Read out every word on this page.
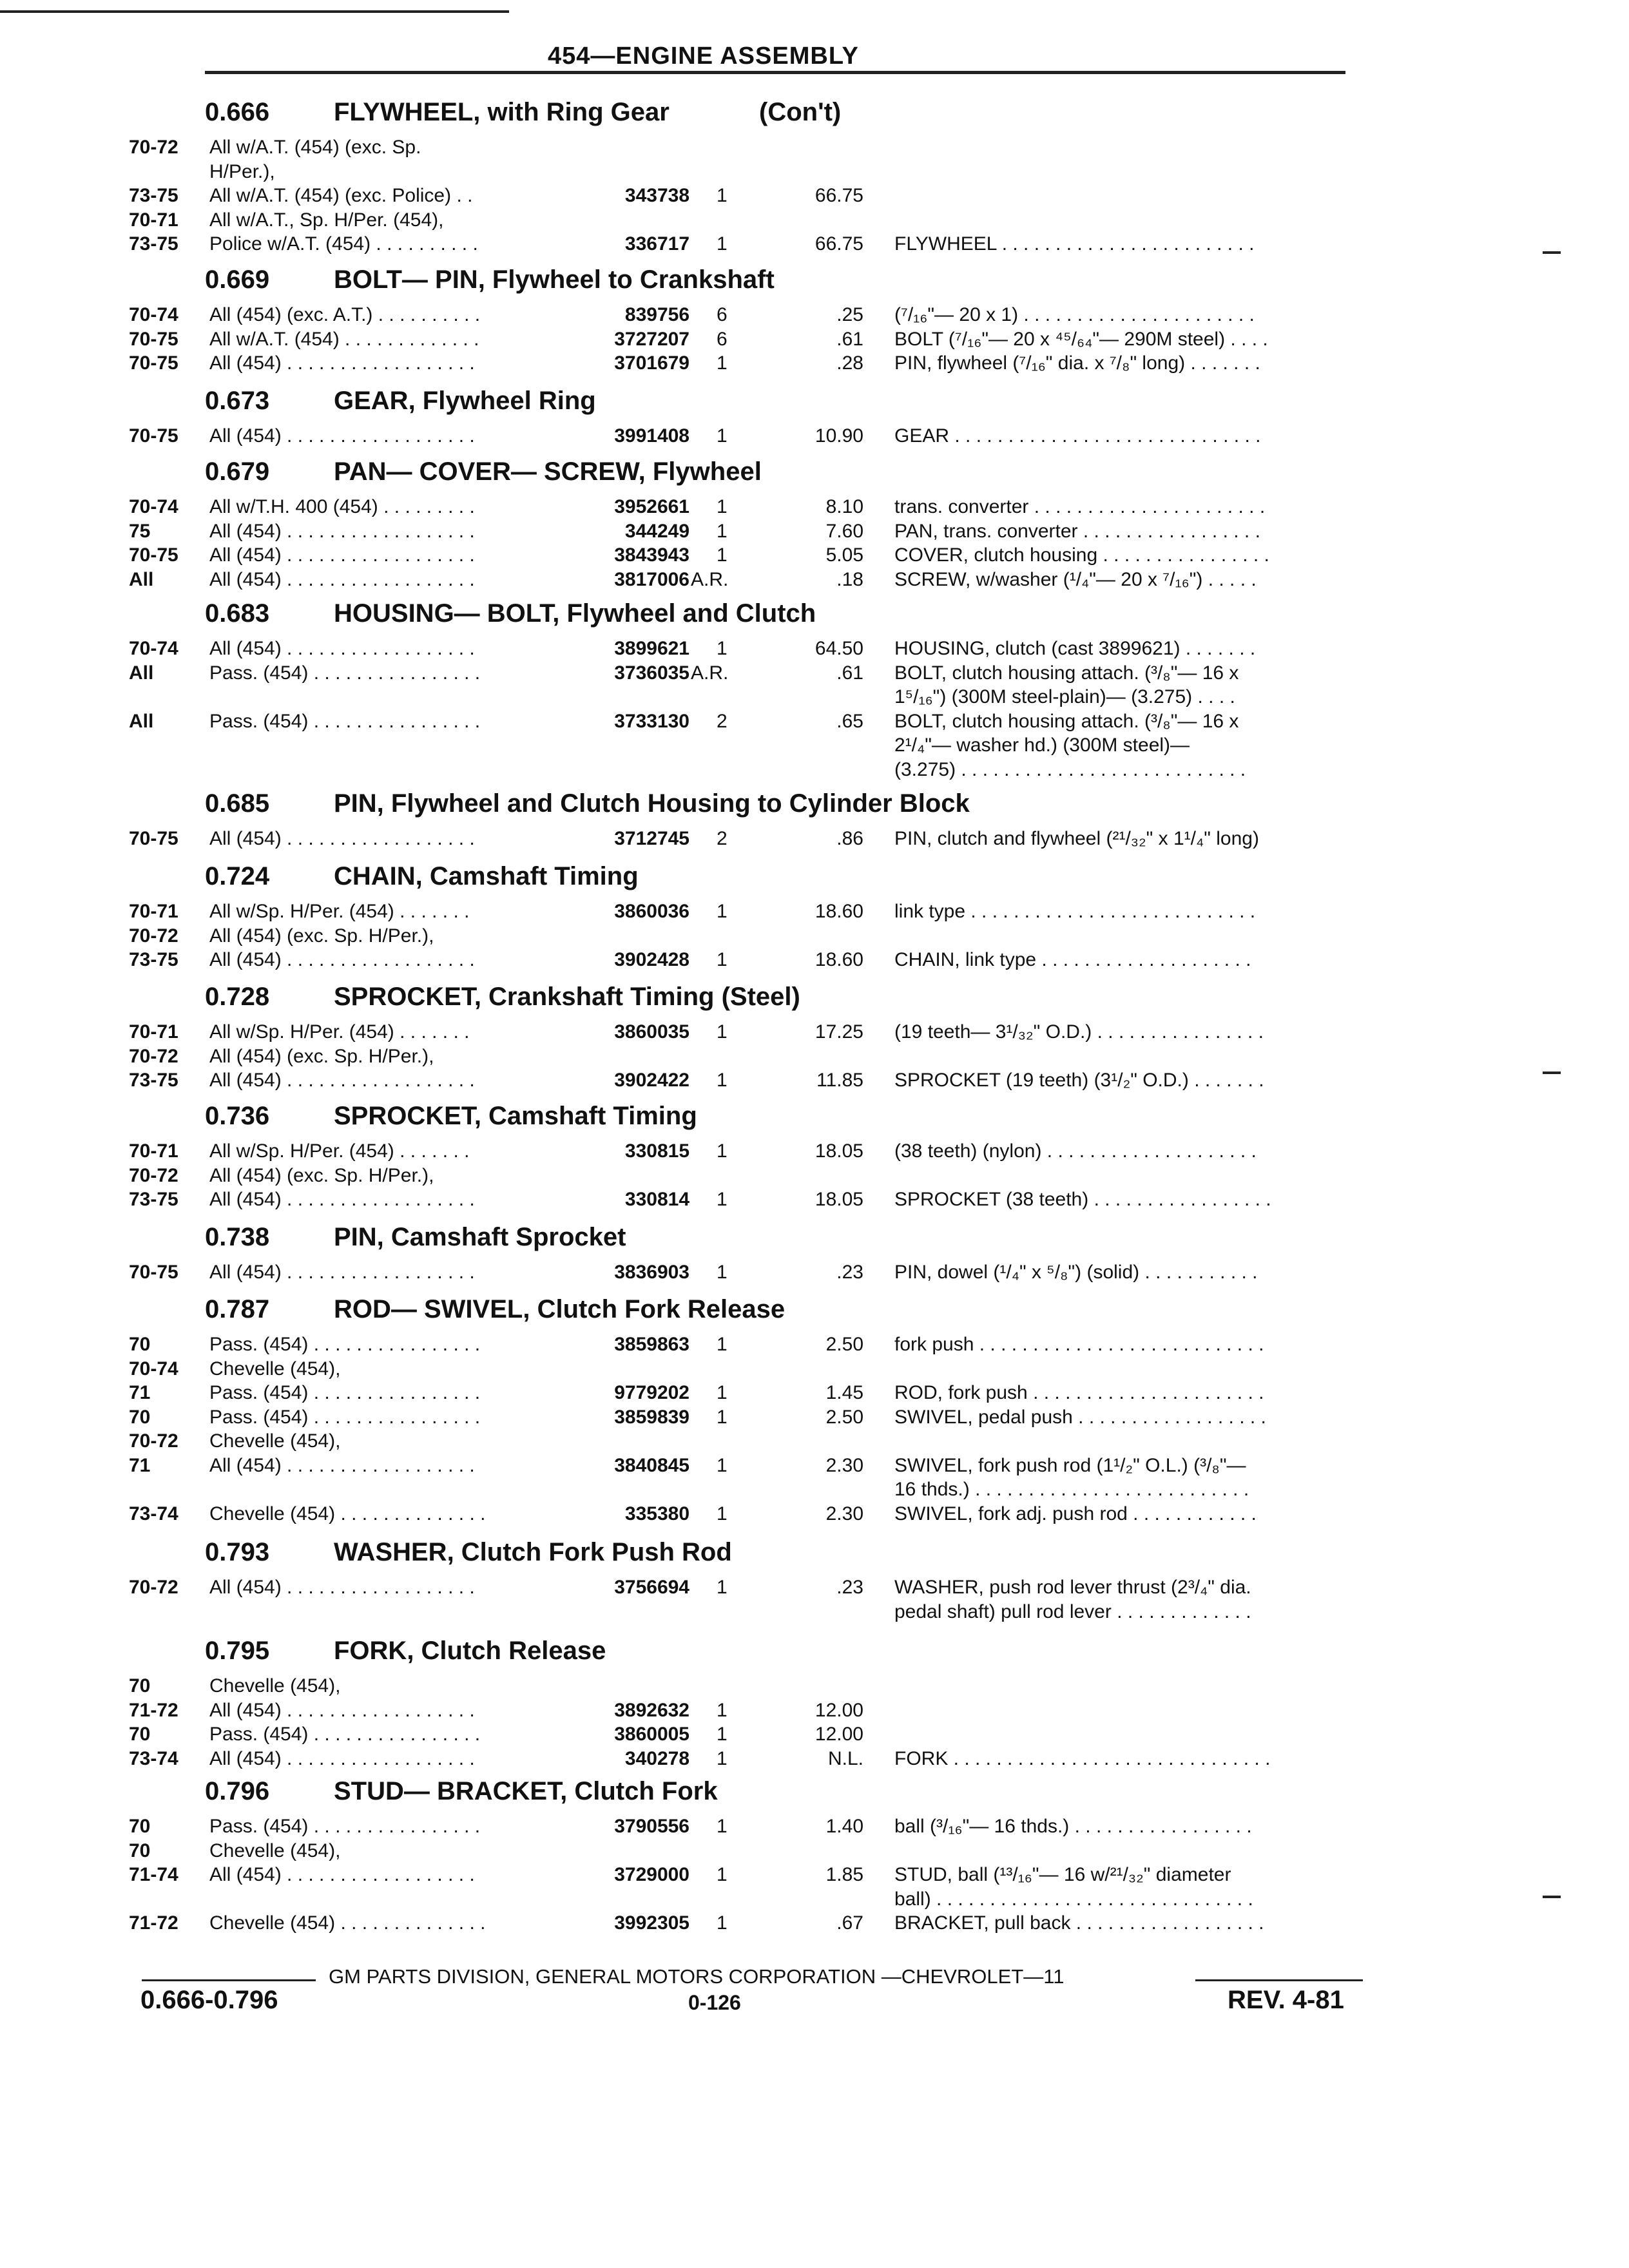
454—ENGINE ASSEMBLY
0.666 FLYWHEEL, with Ring Gear	(Con't)
70-72 All w/A.T. (454) (exc. Sp.
H/Per.),
73-75 All w/A.T. (454) (exc. Police) . .	343738 1	66.75
70-71 All w/A.T., Sp. H/Per. (454),
73-75 Police w/A.T. (454) . . . . . . . . . .	336717 1	66.75 FLYWHEEL . . . . . . . . . . . . . . . . . . . . . . . .
0.669 BOLT— PIN, Flywheel to Crankshaft
70-74 All (454) (exc. A.T.) . . . . . . . . . .	839756 6	.25 (⁷/₁₆"— 20 x 1) . . . . . . . . . . . . . . . . . . . . . .
70-75 All w/A.T. (454) . . . . . . . . . . . . .	3727207 6	.61 BOLT (⁷/₁₆"— 20 x ⁴⁵/₆₄"— 290M steel) . . . .
70-75 All (454) . . . . . . . . . . . . . . . . . .	3701679 1	.28 PIN, flywheel (⁷/₁₆" dia. x ⁷/₈" long) . . . . . . .
0.673 GEAR, Flywheel Ring
70-75 All (454) . . . . . . . . . . . . . . . . . .	3991408 1	10.90 GEAR . . . . . . . . . . . . . . . . . . . . . . . . . . . . .
0.679 PAN— COVER— SCREW, Flywheel
70-74 All w/T.H. 400 (454) . . . . . . . . .	3952661 1	8.10 trans. converter . . . . . . . . . . . . . . . . . . . . . .
75	All (454) . . . . . . . . . . . . . . . . . .	344249 1	7.60 PAN, trans. converter . . . . . . . . . . . . . . . . .
70-75 All (454) . . . . . . . . . . . . . . . . . .	3843943 1	5.05 COVER, clutch housing . . . . . . . . . . . . . . . .
All	All (454) . . . . . . . . . . . . . . . . . .	3817006 A.R.	.18 SCREW, w/washer (¹/₄"— 20 x ⁷/₁₆") . . . . .
0.683 HOUSING— BOLT, Flywheel and Clutch
70-74 All (454) . . . . . . . . . . . . . . . . . .	3899621 1	64.50 HOUSING, clutch (cast 3899621) . . . . . . .
All	Pass. (454) . . . . . . . . . . . . . . . .	3736035 A.R.	.61 BOLT, clutch housing attach. (³/₈"— 16 x
1⁵/₁₆") (300M steel-plain)— (3.275) . . . .
All	Pass. (454) . . . . . . . . . . . . . . . .	3733130 2	.65 BOLT, clutch housing attach. (³/₈"— 16 x
2¹/₄"— washer hd.) (300M steel)—
(3.275) . . . . . . . . . . . . . . . . . . . . . . . . . . .
0.685 PIN, Flywheel and Clutch Housing to Cylinder Block
70-75 All (454) . . . . . . . . . . . . . . . . . .	3712745 2	.86 PIN, clutch and flywheel (²¹/₃₂" x 1¹/₄" long)
0.724 CHAIN, Camshaft Timing
70-71 All w/Sp. H/Per. (454) . . . . . . .	3860036 1	18.60 link type . . . . . . . . . . . . . . . . . . . . . . . . . . .
70-72 All (454) (exc. Sp. H/Per.),
73-75 All (454) . . . . . . . . . . . . . . . . . .	3902428 1	18.60 CHAIN, link type . . . . . . . . . . . . . . . . . . . .
0.728 SPROCKET, Crankshaft Timing (Steel)
70-71 All w/Sp. H/Per. (454) . . . . . . .	3860035 1	17.25 (19 teeth— 3¹/₃₂" O.D.) . . . . . . . . . . . . . . . .
70-72 All (454) (exc. Sp. H/Per.),
73-75 All (454) . . . . . . . . . . . . . . . . . .	3902422 1	11.85 SPROCKET (19 teeth) (3¹/₂" O.D.) . . . . . . .
0.736 SPROCKET, Camshaft Timing
70-71 All w/Sp. H/Per. (454) . . . . . . .	330815 1	18.05 (38 teeth) (nylon) . . . . . . . . . . . . . . . . . . . .
70-72 All (454) (exc. Sp. H/Per.),
73-75 All (454) . . . . . . . . . . . . . . . . . .	330814 1	18.05 SPROCKET (38 teeth) . . . . . . . . . . . . . . . . .
0.738 PIN, Camshaft Sprocket
70-75 All (454) . . . . . . . . . . . . . . . . . .	3836903 1	.23 PIN, dowel (¹/₄" x ⁵/₈") (solid) . . . . . . . . . . .
0.787 ROD— SWIVEL, Clutch Fork Release
70	Pass. (454) . . . . . . . . . . . . . . . .	3859863 1	2.50 fork push . . . . . . . . . . . . . . . . . . . . . . . . . . .
70-74 Chevelle (454),
71	Pass. (454) . . . . . . . . . . . . . . . .	9779202 1	1.45 ROD, fork push . . . . . . . . . . . . . . . . . . . . . .
70	Pass. (454) . . . . . . . . . . . . . . . .	3859839 1	2.50 SWIVEL, pedal push . . . . . . . . . . . . . . . . . .
70-72 Chevelle (454),
71	All (454) . . . . . . . . . . . . . . . . . .	3840845 1	2.30 SWIVEL, fork push rod (1¹/₂" O.L.) (³/₈"—
16 thds.) . . . . . . . . . . . . . . . . . . . . . . . . . .
73-74 Chevelle (454) . . . . . . . . . . . . . .	335380 1	2.30 SWIVEL, fork adj. push rod . . . . . . . . . . . .
0.793 WASHER, Clutch Fork Push Rod
70-72 All (454) . . . . . . . . . . . . . . . . . .	3756694 1	.23 WASHER, push rod lever thrust (2³/₄" dia.
pedal shaft) pull rod lever . . . . . . . . . . . . .
0.795 FORK, Clutch Release
70	Chevelle (454),
71-72 All (454) . . . . . . . . . . . . . . . . . .	3892632 1	12.00
70	Pass. (454) . . . . . . . . . . . . . . . .	3860005 1	12.00
73-74 All (454) . . . . . . . . . . . . . . . . . .	340278 1	N.L. FORK . . . . . . . . . . . . . . . . . . . . . . . . . . . . . .
0.796 STUD— BRACKET, Clutch Fork
70	Pass. (454) . . . . . . . . . . . . . . . .	3790556 1	1.40 ball (³/₁₆"— 16 thds.) . . . . . . . . . . . . . . . . .
70	Chevelle (454),
71-74 All (454) . . . . . . . . . . . . . . . . . .	3729000 1	1.85 STUD, ball (¹³/₁₆"— 16 w/²¹/₃₂" diameter
ball) . . . . . . . . . . . . . . . . . . . . . . . . . . . . . .
71-72 Chevelle (454) . . . . . . . . . . . . . .	3992305 1	.67 BRACKET, pull back . . . . . . . . . . . . . . . . . .
GM PARTS DIVISION, GENERAL MOTORS CORPORATION —CHEVROLET—11
0.666-0.796	0-126	REV. 4-81
